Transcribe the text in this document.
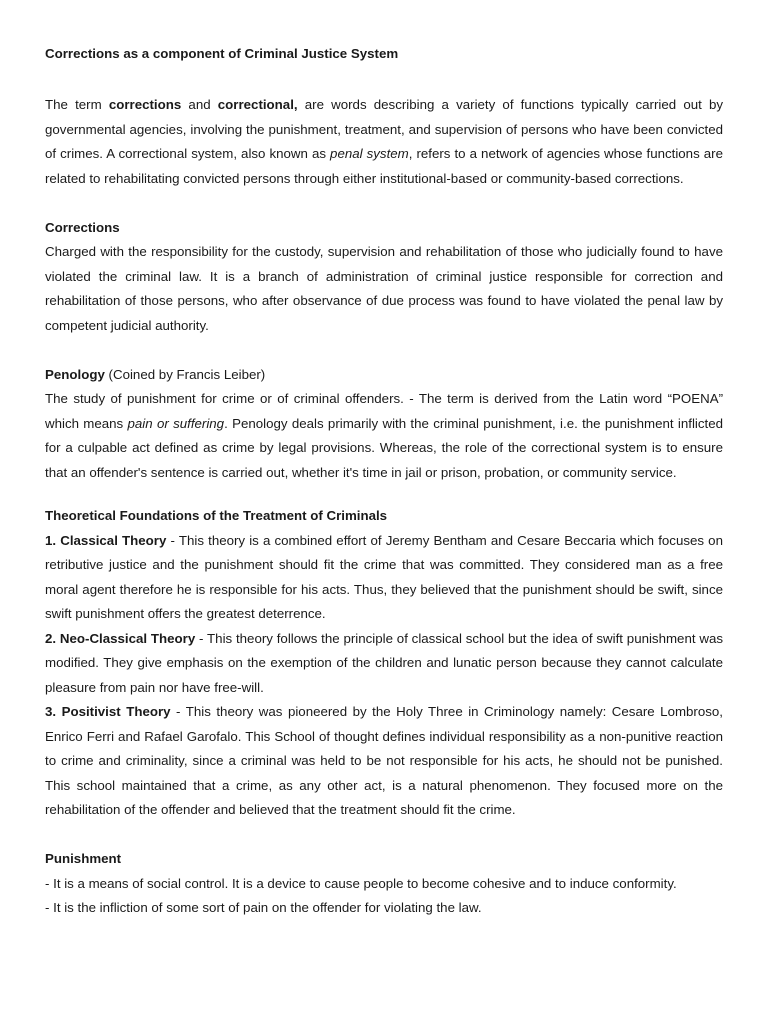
Corrections as a component of Criminal Justice System

The term corrections and correctional, are words describing a variety of functions typically carried out by governmental agencies, involving the punishment, treatment, and supervision of persons who have been convicted of crimes. A correctional system, also known as penal system, refers to a network of agencies whose functions are related to rehabilitating convicted persons through either institutional-based or community-based corrections.

Corrections

Charged with the responsibility for the custody, supervision and rehabilitation of those who judicially found to have violated the criminal law. It is a branch of administration of criminal justice responsible for correction and rehabilitation of those persons, who after observance of due process was found to have violated the penal law by competent judicial authority.

Penology (Coined by Francis Leiber)

The study of punishment for crime or of criminal offenders. - The term is derived from the Latin word “POENA” which means pain or suffering. Penology deals primarily with the criminal punishment, i.e. the punishment inflicted for a culpable act defined as crime by legal provisions. Whereas, the role of the correctional system is to ensure that an offender's sentence is carried out, whether it's time in jail or prison, probation, or community service.

Theoretical Foundations of the Treatment of Criminals

1. Classical Theory - This theory is a combined effort of Jeremy Bentham and Cesare Beccaria which focuses on retributive justice and the punishment should fit the crime that was committed. They considered man as a free moral agent therefore he is responsible for his acts. Thus, they believed that the punishment should be swift, since swift punishment offers the greatest deterrence.

2. Neo-Classical Theory - This theory follows the principle of classical school but the idea of swift punishment was modified. They give emphasis on the exemption of the children and lunatic person because they cannot calculate pleasure from pain nor have free-will.

3. Positivist Theory - This theory was pioneered by the Holy Three in Criminology namely: Cesare Lombroso, Enrico Ferri and Rafael Garofalo. This School of thought defines individual responsibility as a non-punitive reaction to crime and criminality, since a criminal was held to be not responsible for his acts, he should not be punished. This school maintained that a crime, as any other act, is a natural phenomenon. They focused more on the rehabilitation of the offender and believed that the treatment should fit the crime.

Punishment

- It is a means of social control. It is a device to cause people to become cohesive and to induce conformity.

- It is the infliction of some sort of pain on the offender for violating the law.
